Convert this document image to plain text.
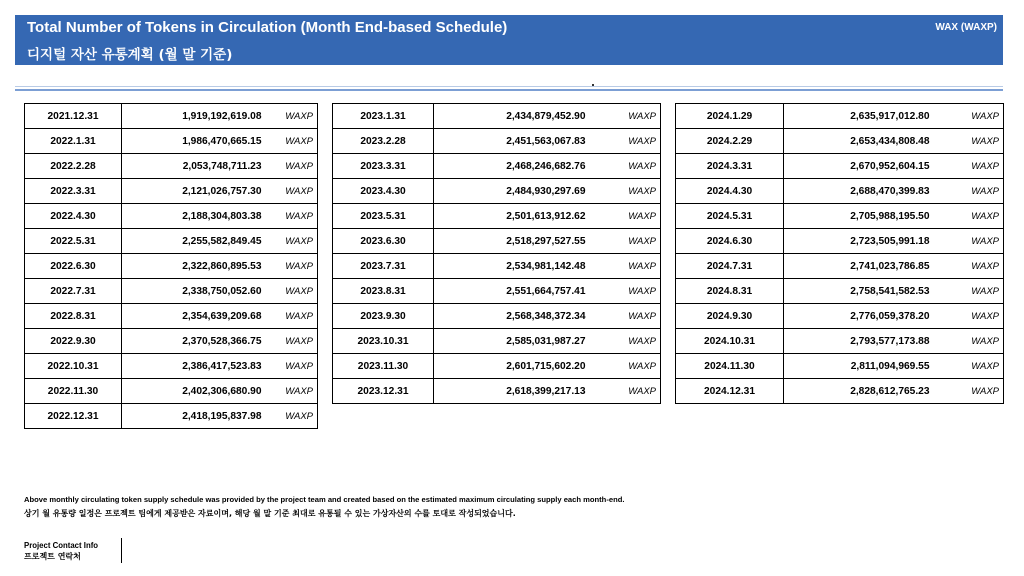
Total Number of Tokens in Circulation (Month End-based Schedule)
디지털 자산 유통계획 (월 말 기준)
WAX (WAXP)
2021.12.31	1,919,192,619.08	WAXP
2022.1.31	1,986,470,665.15	WAXP
2022.2.28	2,053,748,711.23	WAXP
2022.3.31	2,121,026,757.30	WAXP
2022.4.30	2,188,304,803.38	WAXP
2022.5.31	2,255,582,849.45	WAXP
2022.6.30	2,322,860,895.53	WAXP
2022.7.31	2,338,750,052.60	WAXP
2022.8.31	2,354,639,209.68	WAXP
2022.9.30	2,370,528,366.75	WAXP
2022.10.31	2,386,417,523.83	WAXP
2022.11.30	2,402,306,680.90	WAXP
2022.12.31	2,418,195,837.98	WAXP
2023.1.31	2,434,879,452.90	WAXP
2023.2.28	2,451,563,067.83	WAXP
2023.3.31	2,468,246,682.76	WAXP
2023.4.30	2,484,930,297.69	WAXP
2023.5.31	2,501,613,912.62	WAXP
2023.6.30	2,518,297,527.55	WAXP
2023.7.31	2,534,981,142.48	WAXP
2023.8.31	2,551,664,757.41	WAXP
2023.9.30	2,568,348,372.34	WAXP
2023.10.31	2,585,031,987.27	WAXP
2023.11.30	2,601,715,602.20	WAXP
2023.12.31	2,618,399,217.13	WAXP
2024.1.29	2,635,917,012.80	WAXP
2024.2.29	2,653,434,808.48	WAXP
2024.3.31	2,670,952,604.15	WAXP
2024.4.30	2,688,470,399.83	WAXP
2024.5.31	2,705,988,195.50	WAXP
2024.6.30	2,723,505,991.18	WAXP
2024.7.31	2,741,023,786.85	WAXP
2024.8.31	2,758,541,582.53	WAXP
2024.9.30	2,776,059,378.20	WAXP
2024.10.31	2,793,577,173.88	WAXP
2024.11.30	2,811,094,969.55	WAXP
2024.12.31	2,828,612,765.23	WAXP
Above monthly circulating token supply schedule was provided by the project team and created based on the estimated maximum circulating supply each month-end.
상기 월 유통량 일정은 프로젝트 팀에게 제공받은 자료이며, 해당 월 말 기준 최대로 유통될 수 있는 가상자산의 수를 토대로 작성되었습니다.
Project Contact Info
프로젝트 연락처
